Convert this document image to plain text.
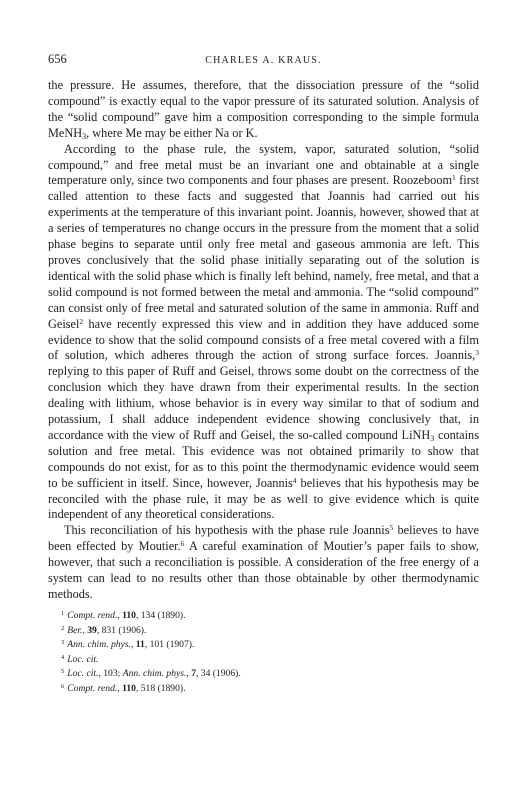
656	CHARLES A. KRAUS.

the pressure. He assumes, therefore, that the dissociation pressure of the “solid compound” is exactly equal to the vapor pressure of its saturated solution. Analysis of the “solid compound” gave him a composition corresponding to the simple formula MeNH$_3$, where Me may be either Na or K.

According to the phase rule, the system, vapor, saturated solution, “solid compound,” and free metal must be an invariant one and obtainable at a single temperature only, since two components and four phases are present. Roozeboom$^1$ first called attention to these facts and suggested that Joannis had carried out his experiments at the temperature of this invariant point. Joannis, however, showed that at a series of temperatures no change occurs in the pressure from the moment that a solid phase begins to separate until only free metal and gaseous ammonia are left. This proves conclusively that the solid phase initially separating out of the solution is identical with the solid phase which is finally left behind, namely, free metal, and that a solid compound is not formed between the metal and ammonia. The “solid compound” can consist only of free metal and saturated solution of the same in ammonia. Ruff and Geisel$^2$ have recently expressed this view and in addition they have adduced some evidence to show that the solid compound consists of a free metal covered with a film of solution, which adheres through the action of strong surface forces. Joannis,$^3$ replying to this paper of Ruff and Geisel, throws some doubt on the correctness of the conclusion which they have drawn from their experimental results. In the section dealing with lithium, whose behavior is in every way similar to that of sodium and potassium, I shall adduce independent evidence showing conclusively that, in accordance with the view of Ruff and Geisel, the so-called compound LiNH$_3$ contains solution and free metal. This evidence was not obtained primarily to show that compounds do not exist, for as to this point the thermodynamic evidence would seem to be sufficient in itself. Since, however, Joannis$^4$ believes that his hypothesis may be reconciled with the phase rule, it may be as well to give evidence which is quite independent of any theoretical considerations.

This reconciliation of his hypothesis with the phase rule Joannis$^5$ believes to have been effected by Moutier.$^6$ A careful examination of Moutier’s paper fails to show, however, that such a reconciliation is possible. A consideration of the free energy of a system can lead to no results other than those obtainable by other thermodynamic methods.

$^1$ Compt. rend., 110, 134 (1890).

$^2$ Ber., 39, 831 (1906).

$^3$ Ann. chim. phys., 11, 101 (1907).

$^4$ Loc. cit.

$^5$ Loc. cit., 103; Ann. chim. phys., 7, 34 (1906).

$^6$ Compt. rend., 110, 518 (1890).
